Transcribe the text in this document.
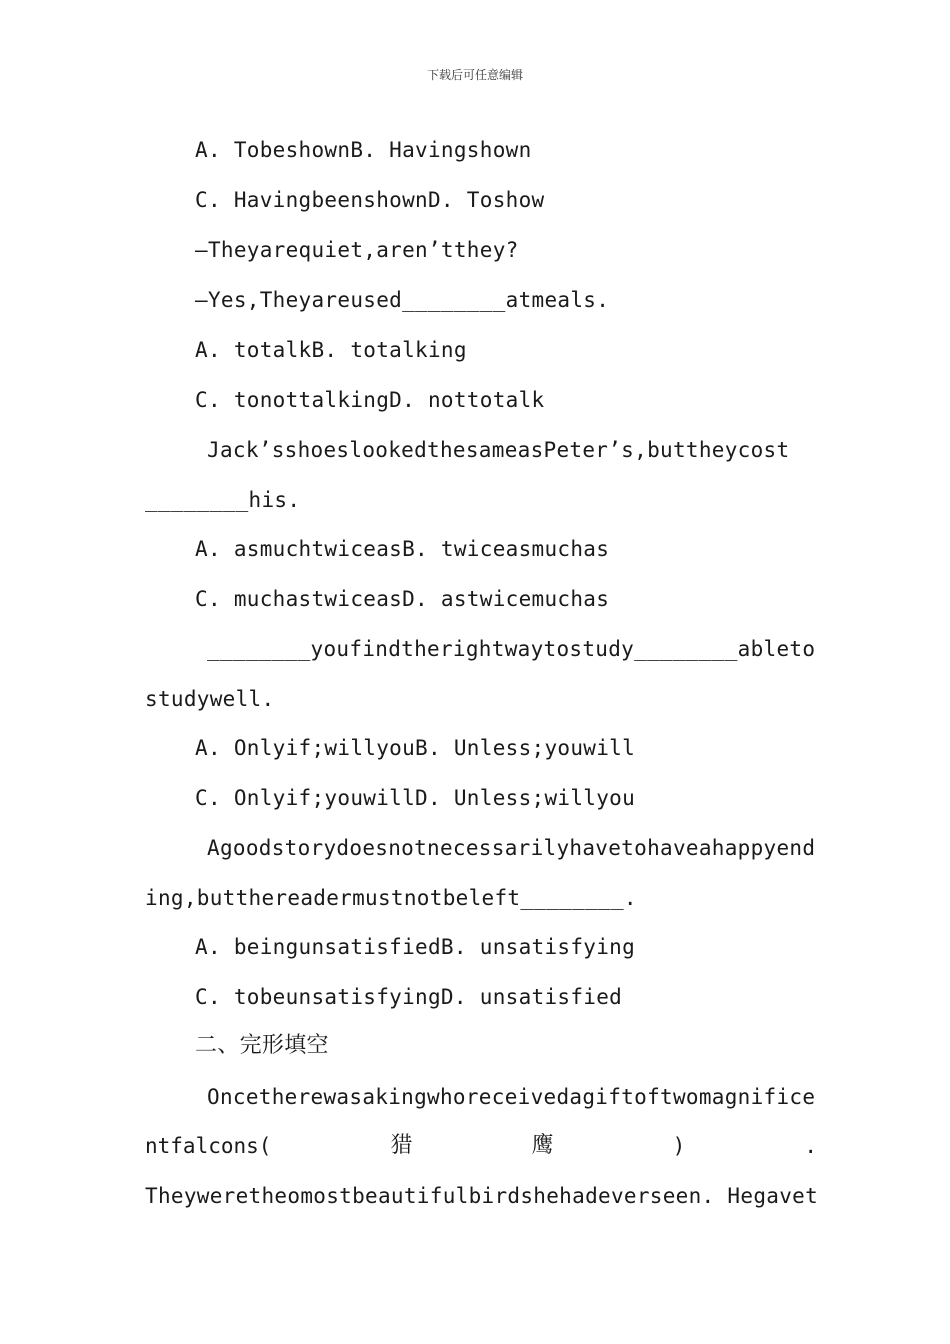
下载后可任意编辑
A. TobeshownB. Havingshown
C. HavingbeenshownD. Toshow
—Theyarequiet,aren’tthey?
—Yes,Theyareused________atmeals.
A. totalkB. totalking
C. tonottalkingD. nottotalk
Jack’sshoeslookedthesameasPeter’s,buttheycost
________his.
A. asmuchtwiceasB. twiceasmuchas
C. muchastwiceasD. astwicemuchas
________youfindtherightwaytostudy________ableto
studywell.
A. Onlyif;willyouB. Unless;youwill
C. Onlyif;youwillD. Unless;willyou
Agoodstorydoesnotnecessarilyhavetohaveahappyend
ing,butthereadermustnotbeleft________.
A. beingunsatisfiedB. unsatisfying
C. tobeunsatisfyingD. unsatisfied
二、完形填空
Oncetherewasakingwhoreceivedagiftoftwomagnifice
ntfalcons(	猎	鹰	)	.
Theyweretheomostbeautifulbirdshehadeverseen. Hegavet
